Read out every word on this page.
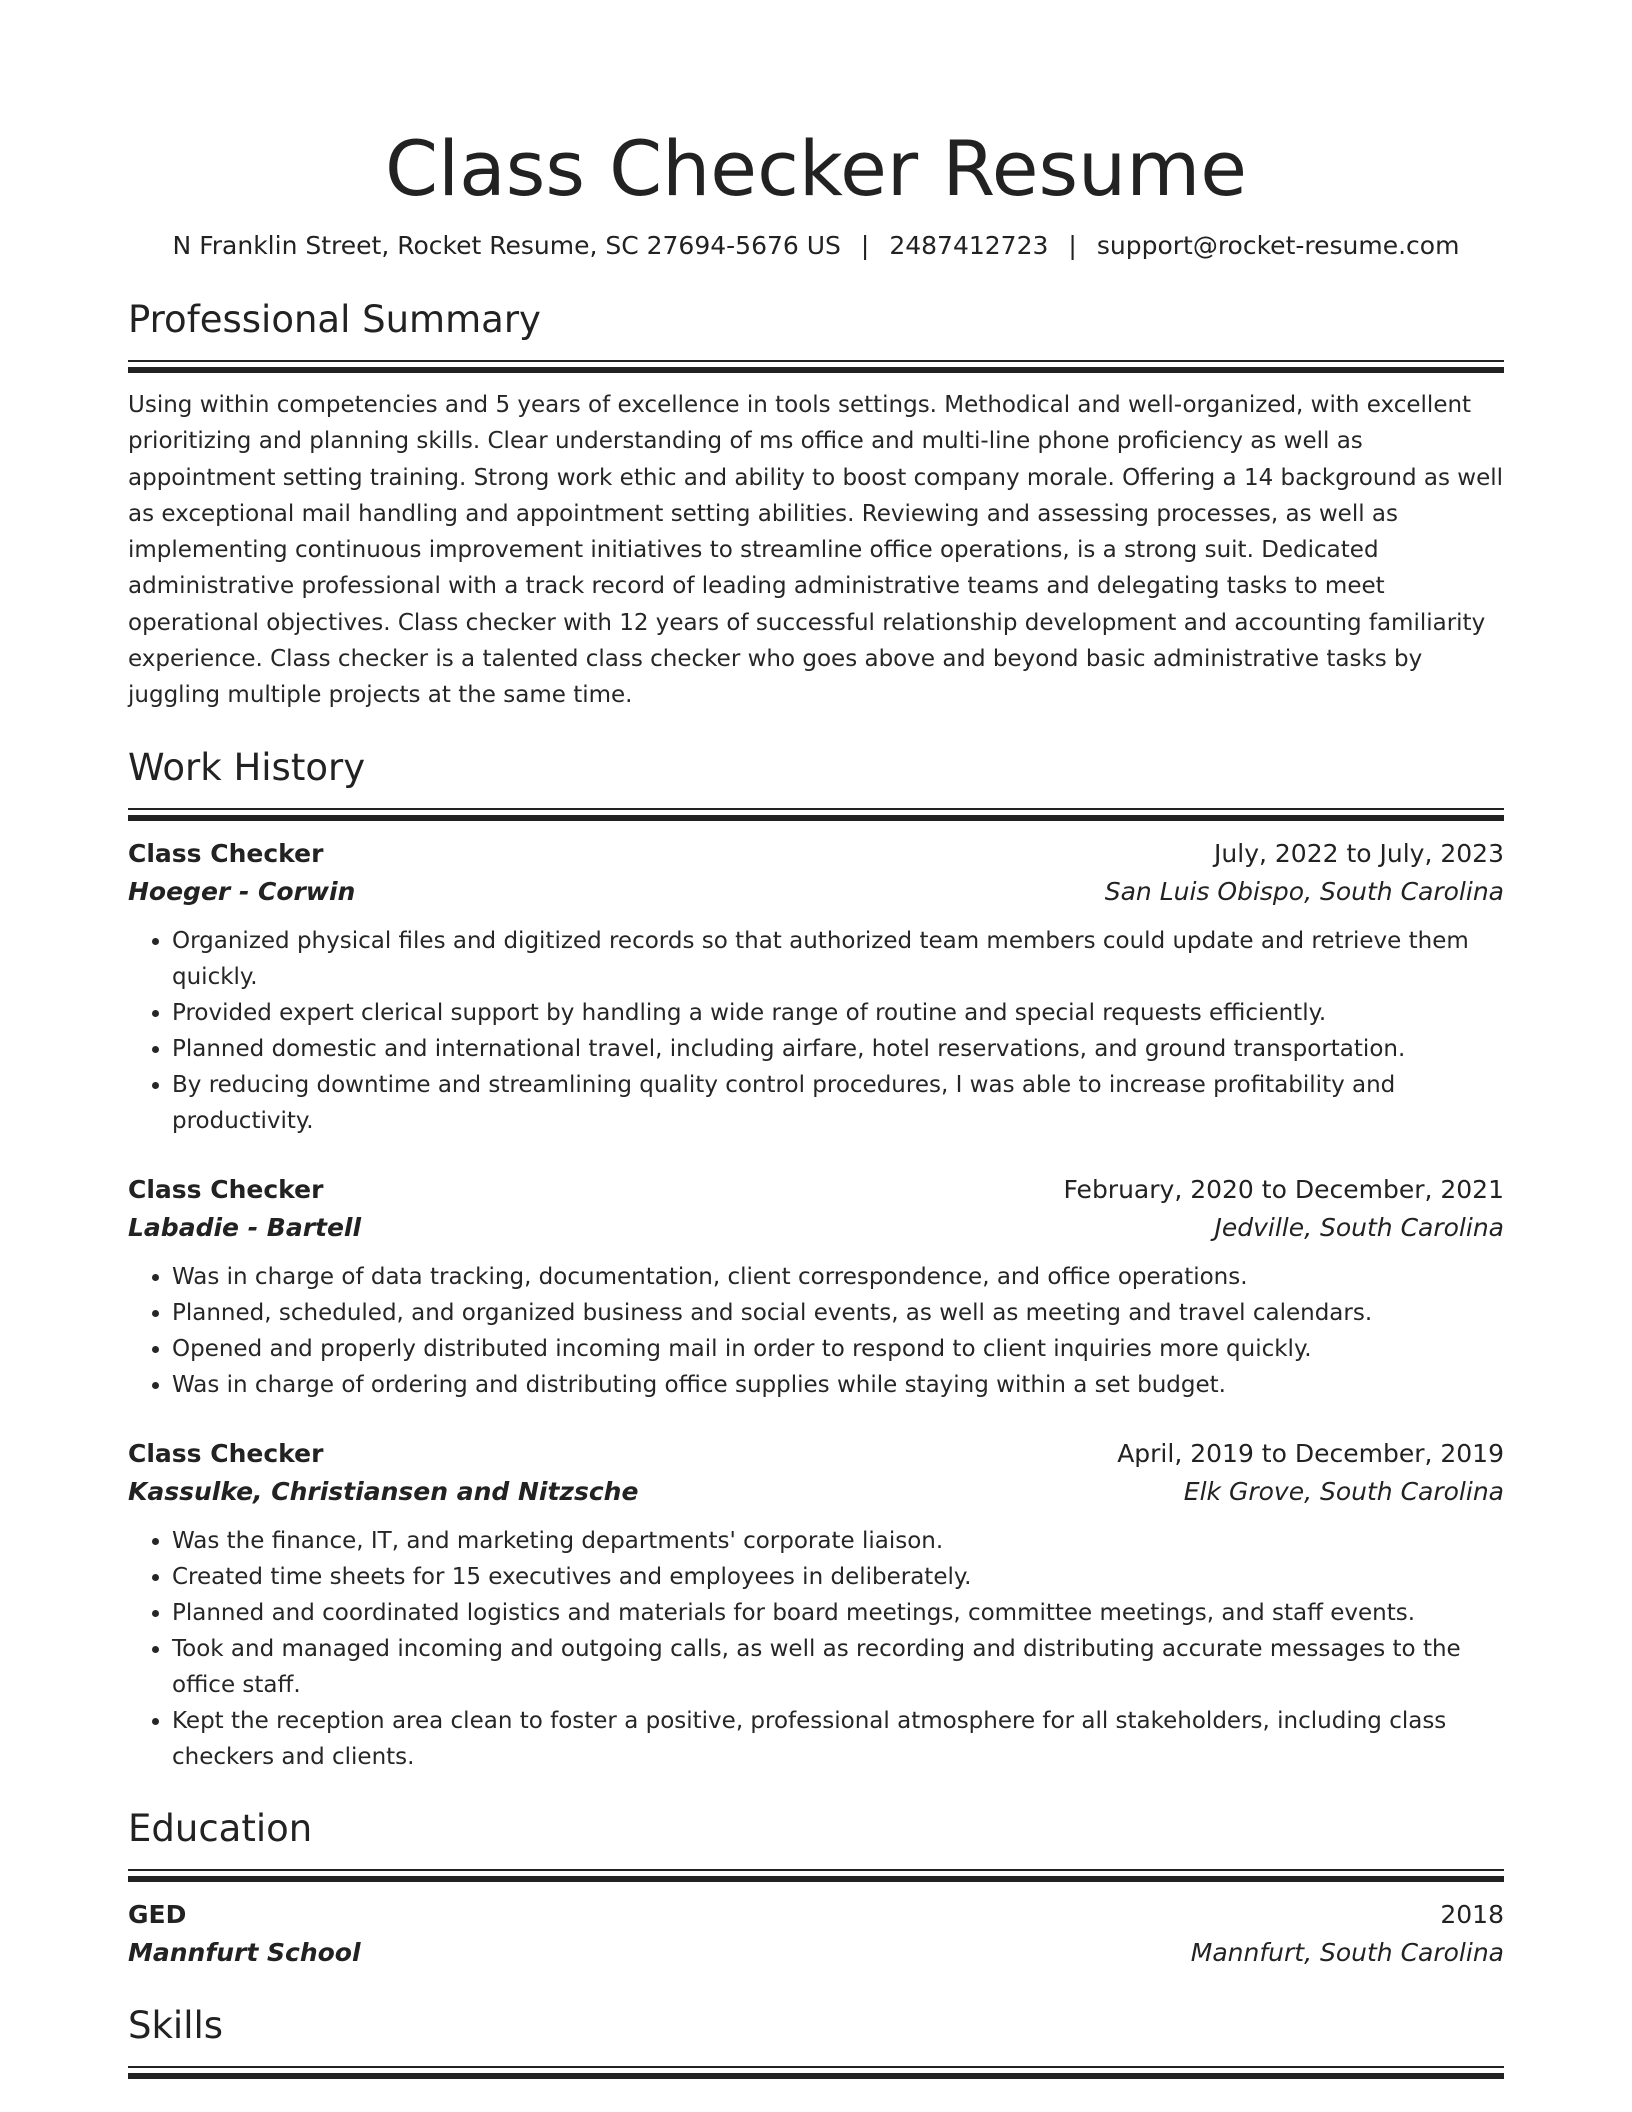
Class Checker Resume
N Franklin Street, Rocket Resume, SC 27694-5676 US | 2487412723 | support@rocket-resume.com
Professional Summary
Using within competencies and 5 years of excellence in tools settings. Methodical and well-organized, with excellent prioritizing and planning skills. Clear understanding of ms office and multi-line phone proficiency as well as appointment setting training. Strong work ethic and ability to boost company morale. Offering a 14 background as well as exceptional mail handling and appointment setting abilities. Reviewing and assessing processes, as well as implementing continuous improvement initiatives to streamline office operations, is a strong suit. Dedicated administrative professional with a track record of leading administrative teams and delegating tasks to meet operational objectives. Class checker with 12 years of successful relationship development and accounting familiarity experience. Class checker is a talented class checker who goes above and beyond basic administrative tasks by juggling multiple projects at the same time.
Work History
Class Checker	July, 2022 to July, 2023
Hoeger - Corwin	San Luis Obispo, South Carolina
• Organized physical files and digitized records so that authorized team members could update and retrieve them quickly.
• Provided expert clerical support by handling a wide range of routine and special requests efficiently.
• Planned domestic and international travel, including airfare, hotel reservations, and ground transportation.
• By reducing downtime and streamlining quality control procedures, I was able to increase profitability and productivity.
Class Checker	February, 2020 to December, 2021
Labadie - Bartell	Jedville, South Carolina
• Was in charge of data tracking, documentation, client correspondence, and office operations.
• Planned, scheduled, and organized business and social events, as well as meeting and travel calendars.
• Opened and properly distributed incoming mail in order to respond to client inquiries more quickly.
• Was in charge of ordering and distributing office supplies while staying within a set budget.
Class Checker	April, 2019 to December, 2019
Kassulke, Christiansen and Nitzsche	Elk Grove, South Carolina
• Was the finance, IT, and marketing departments' corporate liaison.
• Created time sheets for 15 executives and employees in deliberately.
• Planned and coordinated logistics and materials for board meetings, committee meetings, and staff events.
• Took and managed incoming and outgoing calls, as well as recording and distributing accurate messages to the office staff.
• Kept the reception area clean to foster a positive, professional atmosphere for all stakeholders, including class checkers and clients.
Education
GED	2018
Mannfurt School	Mannfurt, South Carolina
Skills
